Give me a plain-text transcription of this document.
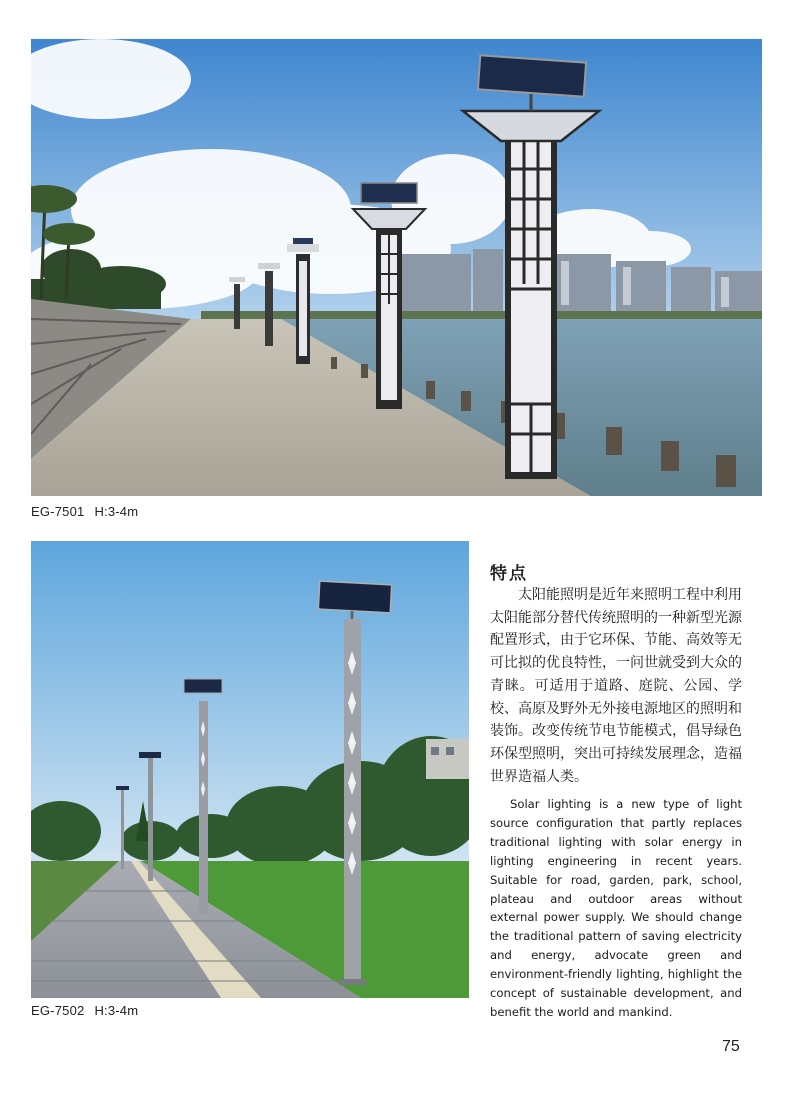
EG-7501 H:3-4m
EG-7502 H:3-4m
特点

太阳能照明是近年来照明工程中利用太阳能部分替代传统照明的一种新型光源配置形式，由于它环保、节能、高效等无可比拟的优良特性，一问世就受到大众的青睐。可适用于道路、庭院、公园、学校、高原及野外无外接电源地区的照明和装饰。改变传统节电节能模式，倡导绿色环保型照明，突出可持续发展理念，造福世界造福人类。

Solar lighting is a new type of light source configuration that partly replaces traditional lighting with solar energy in lighting engineering in recent years. Suitable for road, garden, park, school, plateau and outdoor areas without external power supply. We should change the traditional pattern of saving electricity and energy, advocate green and environment-friendly lighting, highlight the concept of sustainable development, and benefit the world and mankind.

75
